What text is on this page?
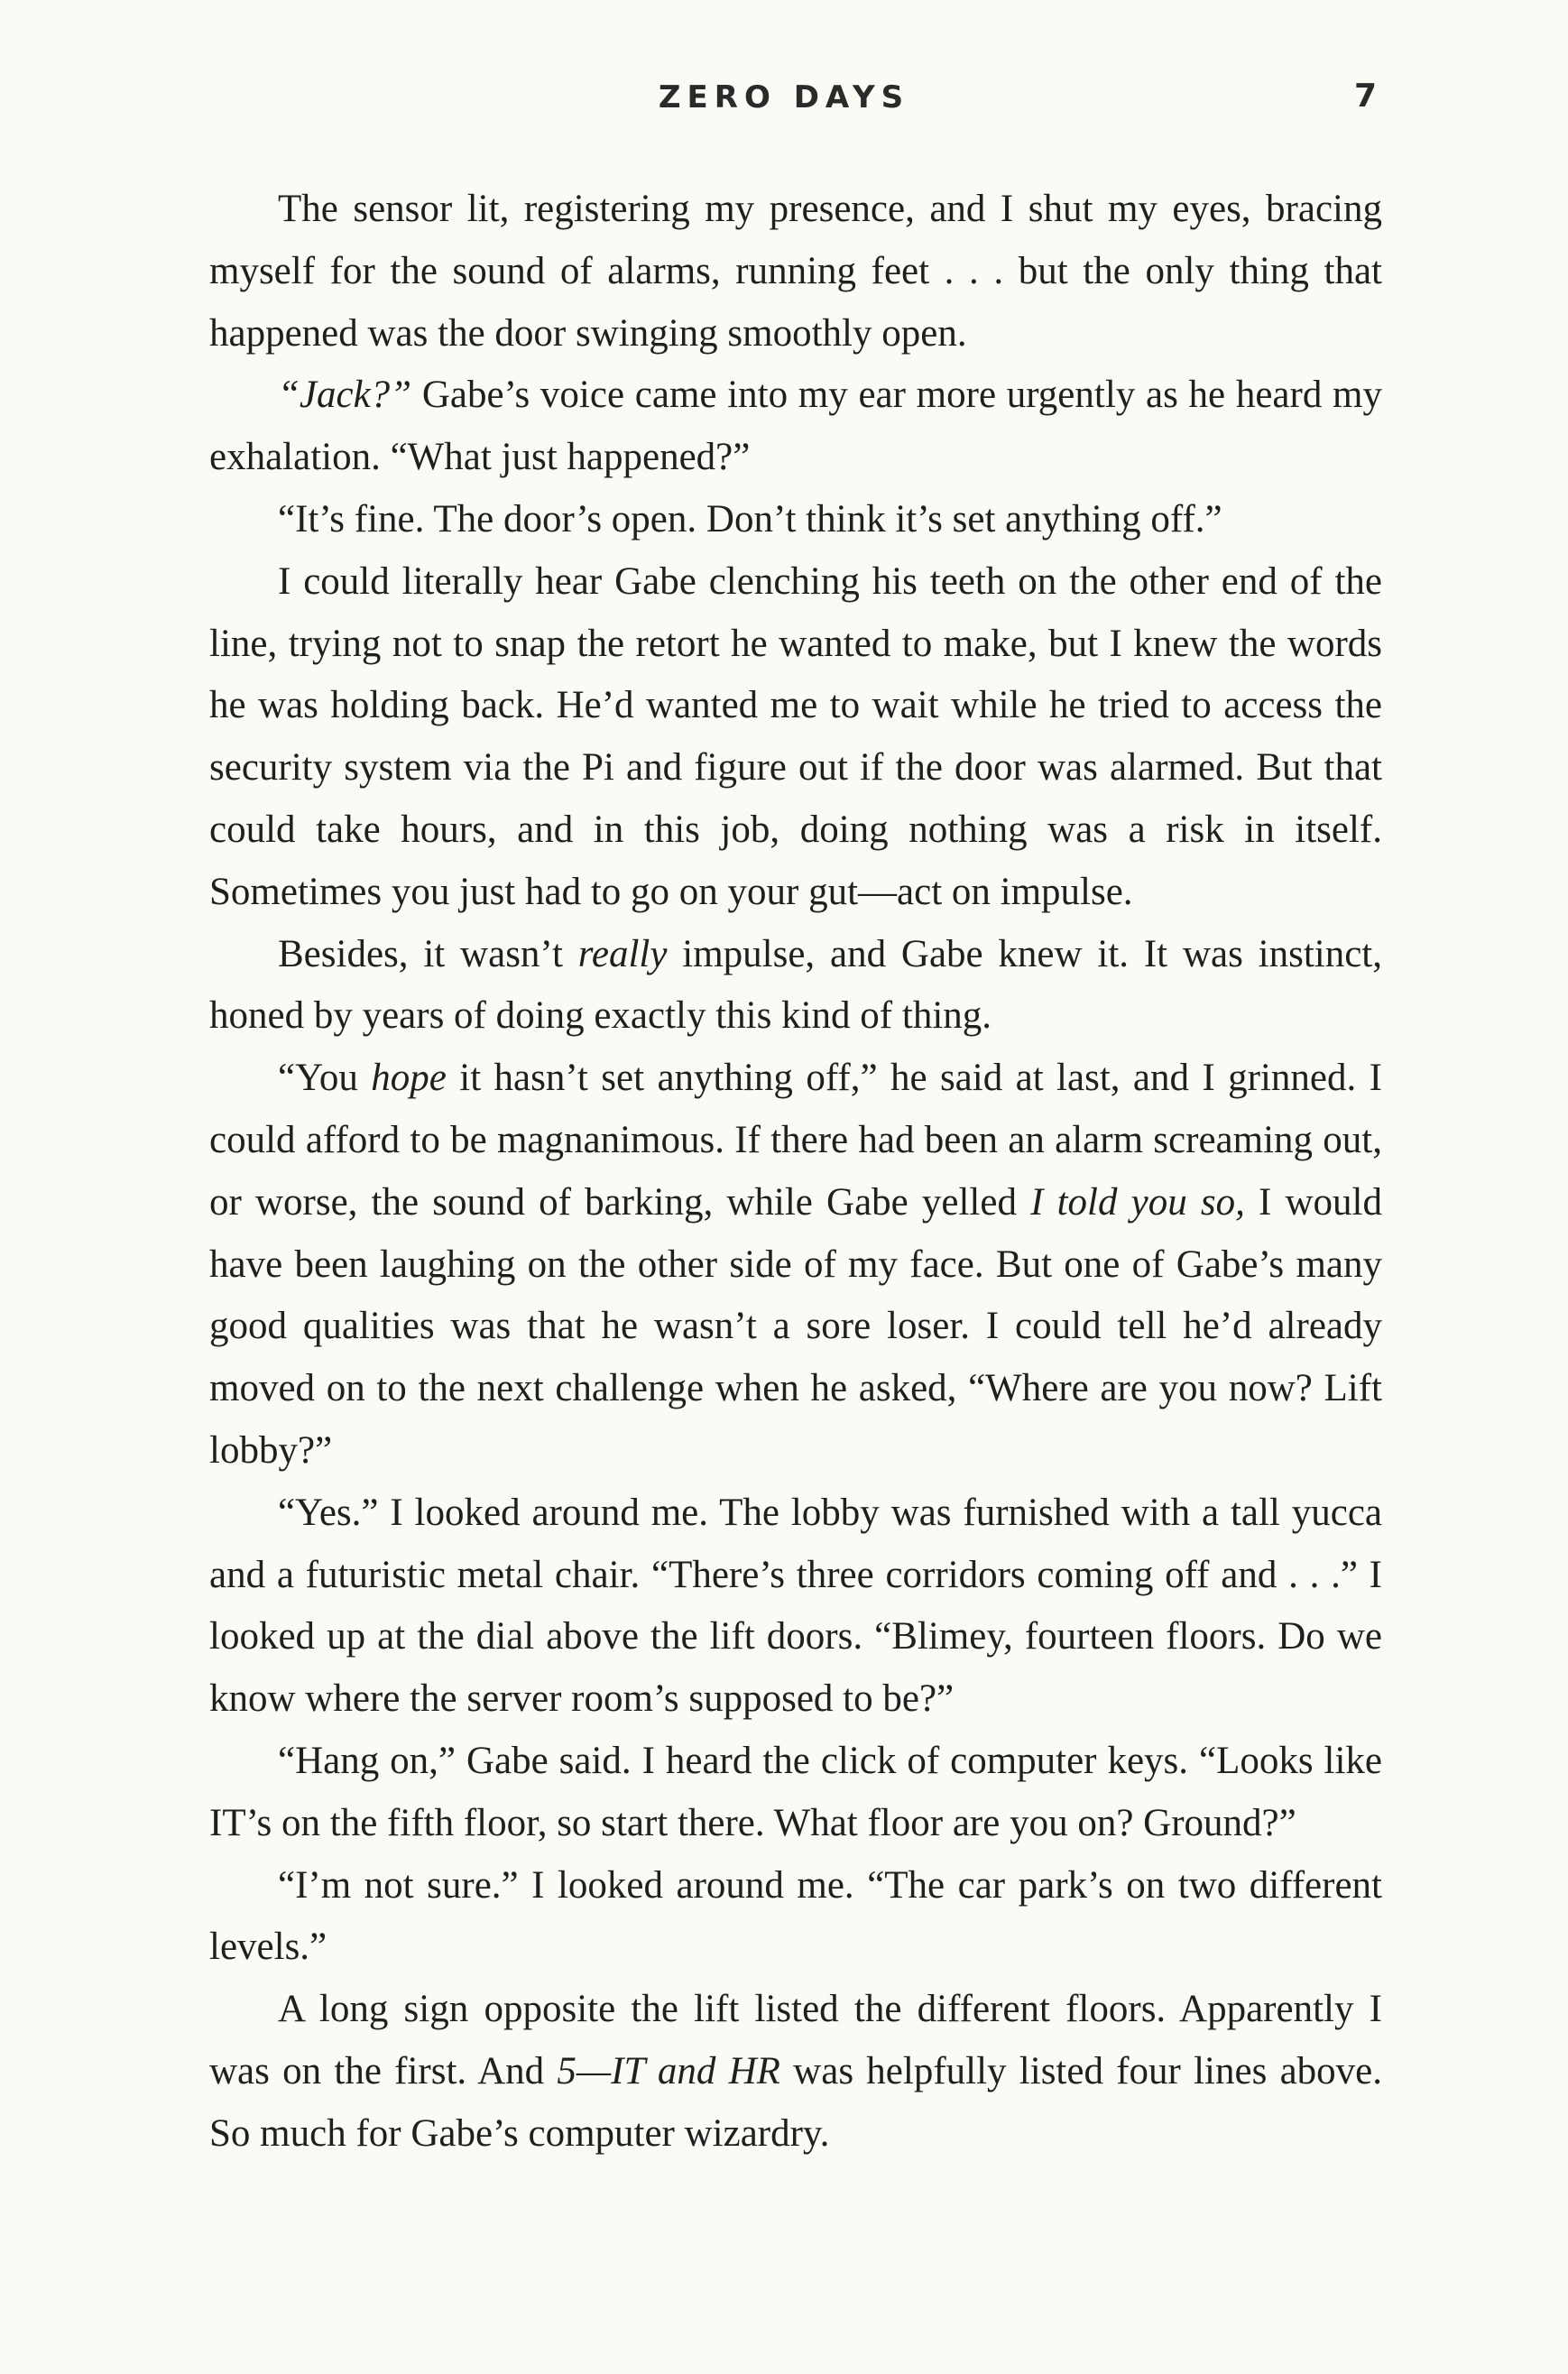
ZERO DAYS	7

The sensor lit, registering my presence, and I shut my eyes, bracing myself for the sound of alarms, running feet . . . but the only thing that happened was the door swinging smoothly open.

“Jack?” Gabe’s voice came into my ear more urgently as he heard my exhalation. “What just happened?”

“It’s fine. The door’s open. Don’t think it’s set anything off.”

I could literally hear Gabe clenching his teeth on the other end of the line, trying not to snap the retort he wanted to make, but I knew the words he was holding back. He’d wanted me to wait while he tried to access the security system via the Pi and figure out if the door was alarmed. But that could take hours, and in this job, doing nothing was a risk in itself. Sometimes you just had to go on your gut—act on impulse.

Besides, it wasn’t really impulse, and Gabe knew it. It was instinct, honed by years of doing exactly this kind of thing.

“You hope it hasn’t set anything off,” he said at last, and I grinned. I could afford to be magnanimous. If there had been an alarm screaming out, or worse, the sound of barking, while Gabe yelled I told you so, I would have been laughing on the other side of my face. But one of Gabe’s many good qualities was that he wasn’t a sore loser. I could tell he’d already moved on to the next challenge when he asked, “Where are you now? Lift lobby?”

“Yes.” I looked around me. The lobby was furnished with a tall yucca and a futuristic metal chair. “There’s three corridors coming off and . . .” I looked up at the dial above the lift doors. “Blimey, fourteen floors. Do we know where the server room’s supposed to be?”

“Hang on,” Gabe said. I heard the click of computer keys. “Looks like IT’s on the fifth floor, so start there. What floor are you on? Ground?”

“I’m not sure.” I looked around me. “The car park’s on two different levels.”

A long sign opposite the lift listed the different floors. Apparently I was on the first. And 5—IT and HR was helpfully listed four lines above. So much for Gabe’s computer wizardry.
